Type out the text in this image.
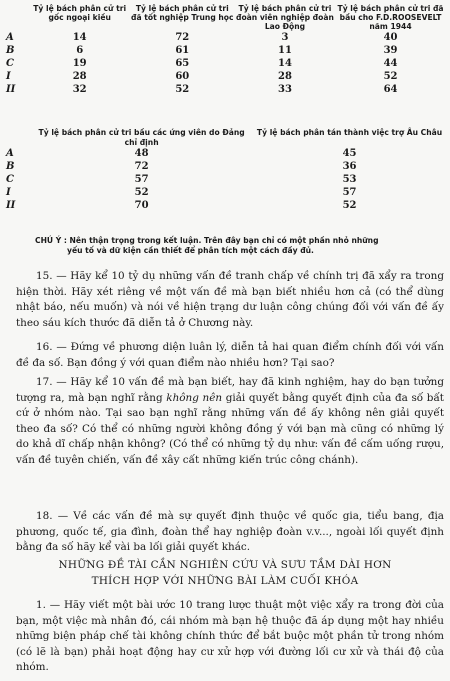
	Tỷ lệ bách phân cử tri gốc ngoại kiều	Tỷ lệ bách phân cử tri đã tốt nghiệp Trung học	Tỷ lệ bách phân cử tri đoàn viên nghiệp đoàn Lao Động	Tỷ lệ bách phân cử tri đã bầu cho F.D.ROOSEVELT năm 1944
A	14	72	3	40
B	6	61	11	39
C	19	65	14	44
I	28	60	28	52
II	32	52	33	64
	Tỷ lệ bách phân cử tri bầu các ứng viên do Đảng chỉ định	Tỷ lệ bách phân tán thành việc trợ Âu Châu
A	48	45
B	72	36
C	57	53
I	52	57
II	70	52
CHÚ Ý : Nên thận trọng trong kết luận. Trên đây bạn chỉ có một phần nhỏ những
yếu tố và dữ kiện cần thiết để phân tích một cách đầy đủ.

15. — Hãy kể 10 tỷ dụ những vấn đề tranh chấp về chính trị đã xẩy ra trong hiện thời. Hãy xét riêng về một vấn đề mà bạn biết nhiều hơn cả (có thể dùng nhật báo, nếu muốn) và nói về hiện trạng dư luận công chúng đối với vấn đề ấy theo sáu kích thước đã diễn tả ở Chương này.

16. — Đứng về phương diện luân lý, diễn tả hai quan điểm chính đối với vấn đề đa số. Bạn đồng ý với quan điểm nào nhiều hơn? Tại sao?

17. — Hãy kể 10 vấn đề mà bạn biết, hay đã kinh nghiệm, hay do bạn tưởng tượng ra, mà bạn nghĩ rằng không nên giải quyết bằng quyết định của đa số bất cứ ở nhóm nào. Tại sao bạn nghĩ rằng những vấn đề ấy không nên giải quyết theo đa số? Có thể có những người không đồng ý với bạn mà cũng có những lý do khả dĩ chấp nhận không? (Có thể có những tỷ dụ như: vấn đề cấm uống rượu, vấn đề tuyên chiến, vấn đề xây cất những kiến trúc công chánh).

18. — Về các vấn đề mà sự quyết định thuộc về quốc gia, tiểu bang, địa phương, quốc tế, gia đình, đoàn thể hay nghiệp đoàn v.v..., ngoài lối quyết định bằng đa số hãy kể vài ba lối giải quyết khác.

NHỮNG ĐỀ TÀI CẦN NGHIÊN CỨU VÀ SƯU TẦM DÀI HƠN
THÍCH HỢP VỚI NHỮNG BÀI LÀM CUỐI KHÓA

1. — Hãy viết một bài ước 10 trang lược thuật một việc xẩy ra trong đời của bạn, một việc mà nhân đó, cái nhóm mà bạn hệ thuộc đã áp dụng một hay nhiều những biện pháp chế tài không chính thức để bắt buộc một phần tử trong nhóm (có lẽ là bạn) phải hoạt động hay cư xử hợp với đường lối cư xử và thái độ của nhóm.
